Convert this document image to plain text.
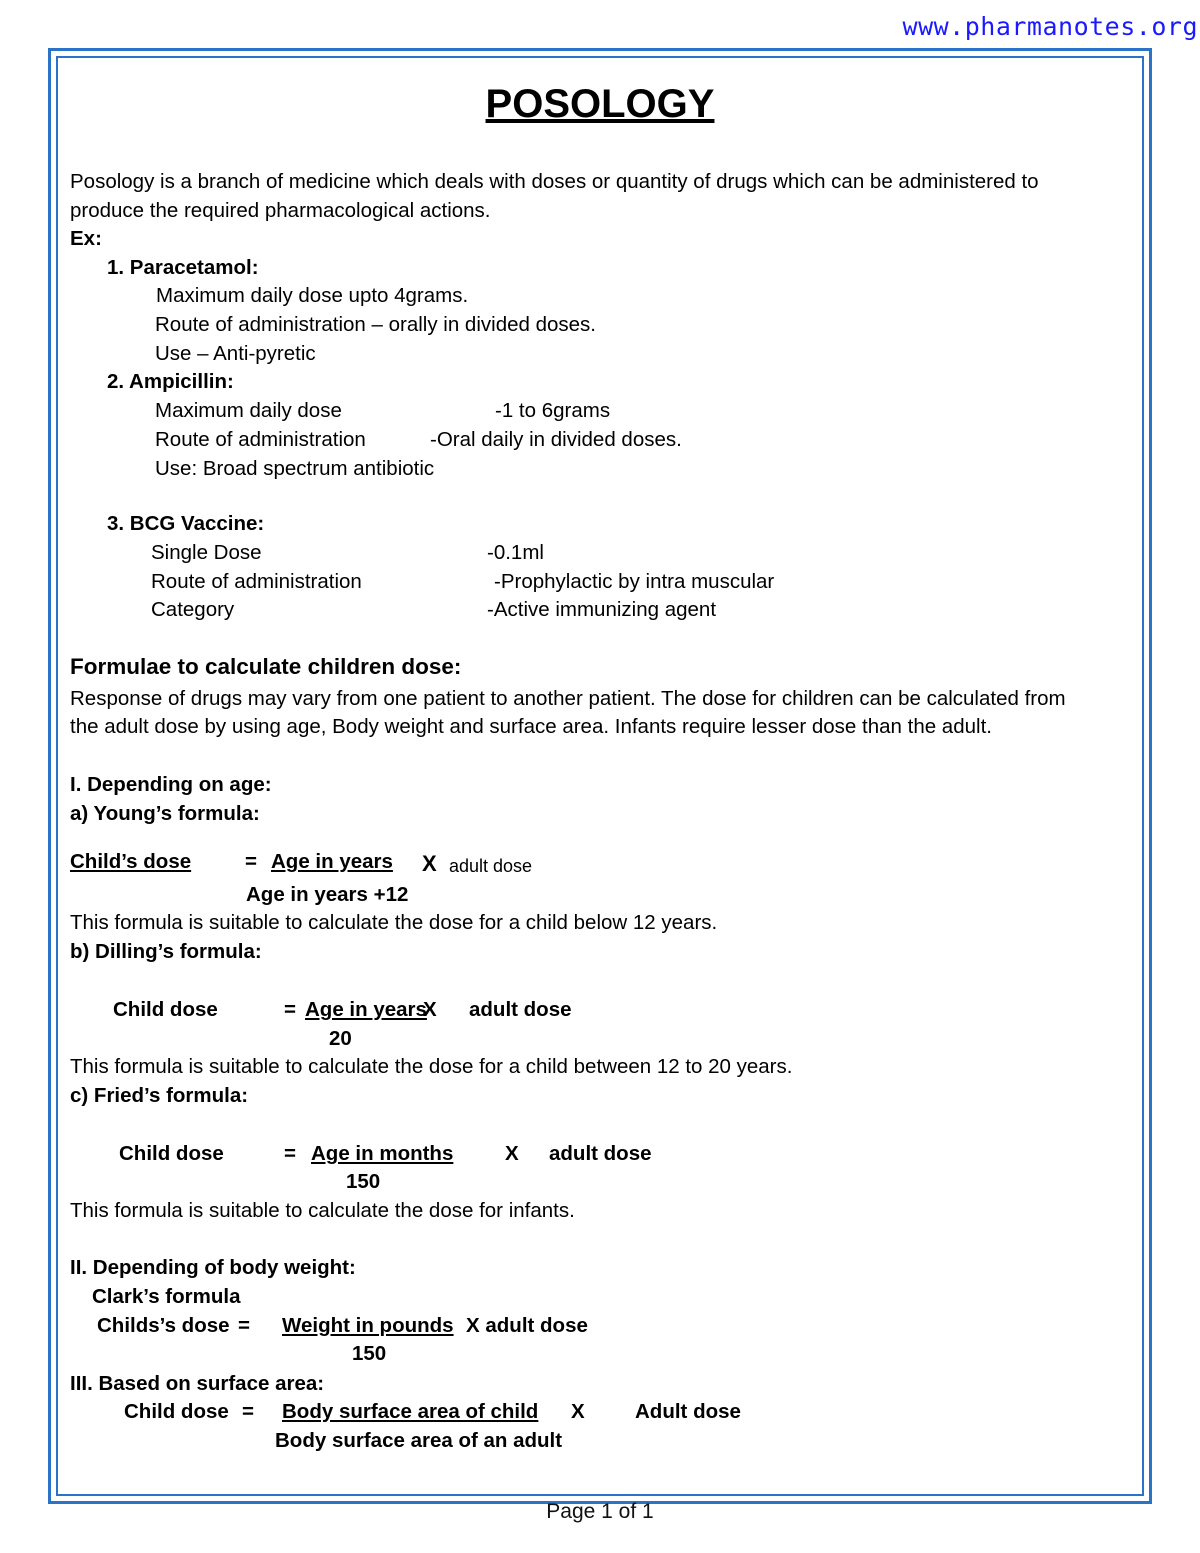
www.pharmanotes.org
POSOLOGY
Posology is a branch of medicine which deals with doses or quantity of drugs which can be administered to
produce the required pharmacological actions.
Ex:
1. Paracetamol:
Maximum daily dose upto 4grams.
Route of administration – orally in divided doses.
Use – Anti-pyretic
2. Ampicillin:
Maximum daily dose	-1 to 6grams
Route of administration	-Oral daily in divided doses.
Use: Broad spectrum antibiotic
3. BCG Vaccine:
Single Dose	-0.1ml
Route of administration	-Prophylactic by intra muscular
Category	-Active immunizing agent
Formulae to calculate children dose:
Response of drugs may vary from one patient to another patient. The dose for children can be calculated from
the adult dose by using age, Body weight and surface area. Infants require lesser dose than the adult.
I. Depending on age:
a) Young’s formula:
Child’s dose	= Age in years X adult dose
Age in years +12
This formula is suitable to calculate the dose for a child below 12 years.
b) Dilling’s formula:
Child dose	= Age in years
X adult dose
20
This formula is suitable to calculate the dose for a child between 12 to 20 years.
c) Fried’s formula:
Child dose	= Age in months	X adult dose
150
This formula is suitable to calculate the dose for infants.
II. Depending of body weight:
Clark’s formula
Childs’s dose = Weight in pounds X adult dose
150
III. Based on surface area:
Child dose = Body surface area of child X Adult dose
Body surface area of an adult
Page 1 of 1
